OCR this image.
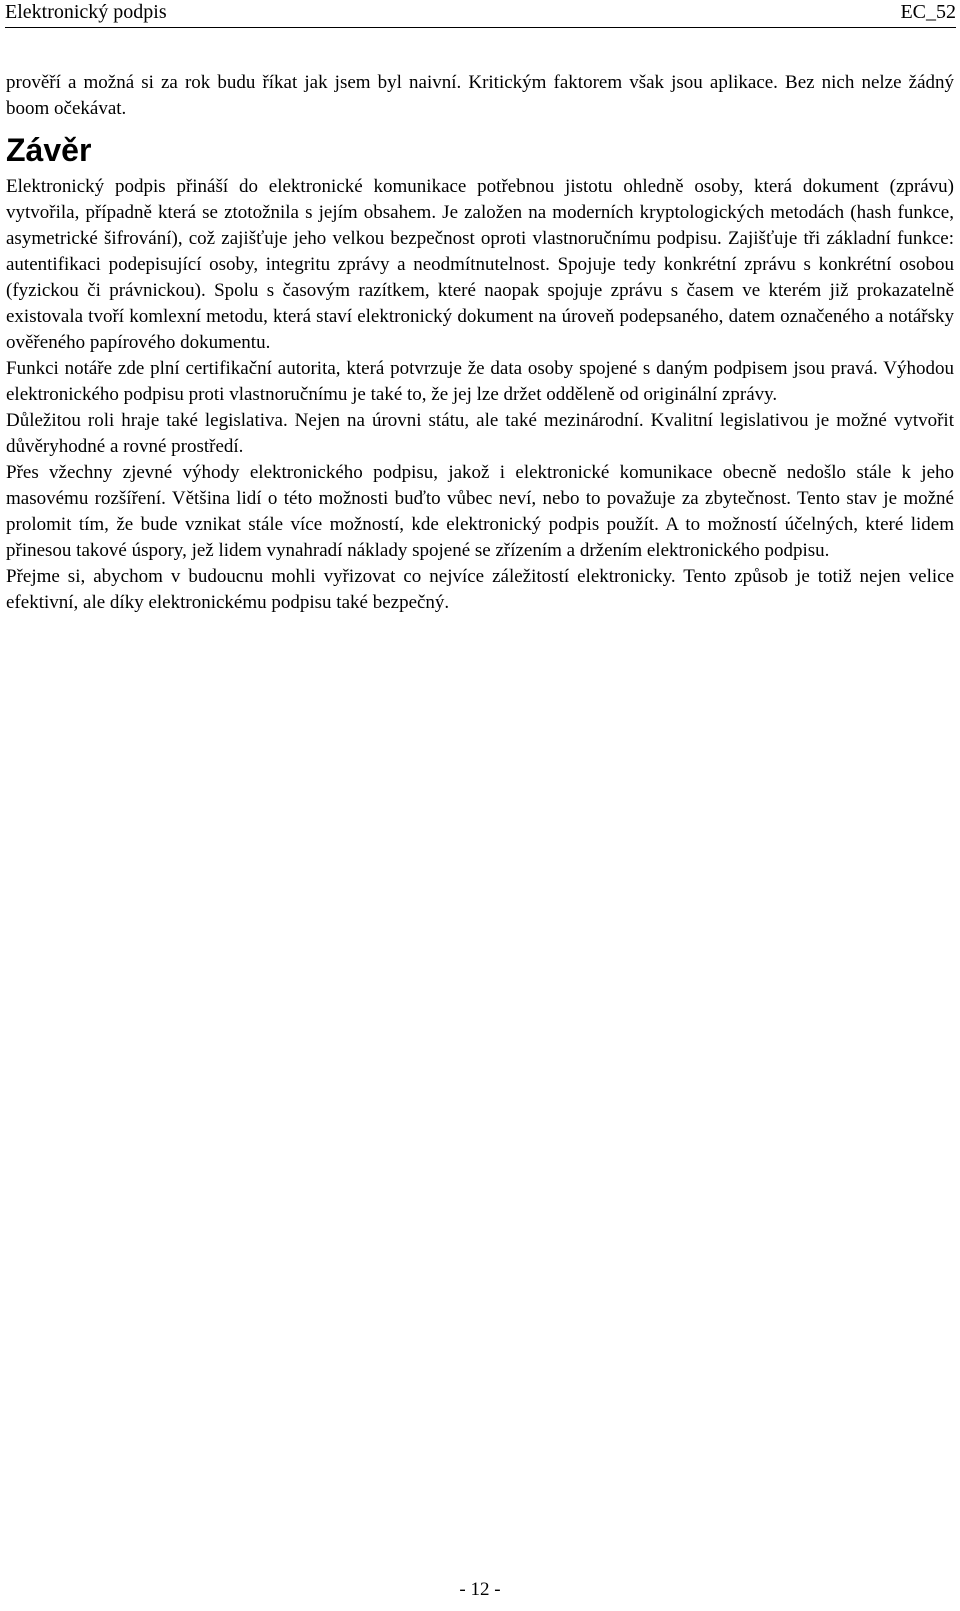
Elektronický podpis	EC_52

prověří a možná si za rok budu říkat jak jsem byl naivní. Kritickým faktorem však jsou aplikace. Bez nich nelze žádný boom očekávat.

Závěr

Elektronický podpis přináší do elektronické komunikace potřebnou jistotu ohledně osoby, která dokument (zprávu) vytvořila, případně která se ztotožnila s jejím obsahem. Je založen na moderních kryptologických metodách (hash funkce, asymetrické šifrování), což zajišťuje jeho velkou bezpečnost oproti vlastnoručnímu podpisu. Zajišťuje tři základní funkce: autentifikaci podepisující osoby, integritu zprávy a neodmítnutelnost. Spojuje tedy konkrétní zprávu s konkrétní osobou (fyzickou či právnickou). Spolu s časovým razítkem, které naopak spojuje zprávu s časem ve kterém již prokazatelně existovala tvoří komlexní metodu, která staví elektronický dokument na úroveň podepsaného, datem označeného a notářsky ověřeného papírového dokumentu.

Funkci notáře zde plní certifikační autorita, která potvrzuje že data osoby spojené s daným podpisem jsou pravá. Výhodou elektronického podpisu proti vlastnoručnímu je také to, že jej lze držet odděleně od originální zprávy.

Důležitou roli hraje také legislativa. Nejen na úrovni státu, ale také mezinárodní. Kvalitní legislativou je možné vytvořit důvěryhodné a rovné prostředí.

Přes vžechny zjevné výhody elektronického podpisu, jakož i elektronické komunikace obecně nedošlo stále k jeho masovému rozšíření. Většina lidí o této možnosti buďto vůbec neví, nebo to považuje za zbytečnost. Tento stav je možné prolomit tím, že bude vznikat stále více možností, kde elektronický podpis použít. A to možností účelných, které lidem přinesou takové úspory, jež lidem vynahradí náklady spojené se zřízením a držením elektronického podpisu.

Přejme si, abychom v budoucnu mohli vyřizovat co nejvíce záležitostí elektronicky. Tento způsob je totiž nejen velice efektivní, ale díky elektronickému podpisu také bezpečný.

- 12 -
